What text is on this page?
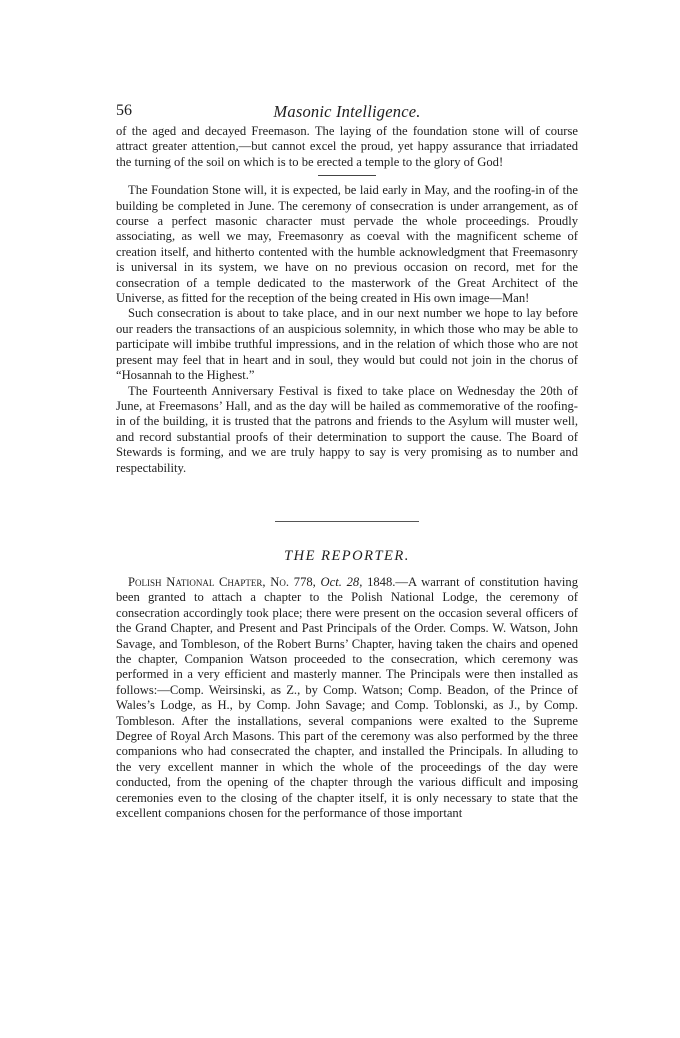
56	Masonic Intelligence.

of the aged and decayed Freemason. The laying of the foundation stone will of course attract greater attention,—but cannot excel the proud, yet happy assurance that irriadated the turning of the soil on which is to be erected a temple to the glory of God!

The Foundation Stone will, it is expected, be laid early in May, and the roofing-in of the building be completed in June. The ceremony of consecration is under arrangement, as of course a perfect masonic character must pervade the whole proceedings. Proudly associating, as well we may, Freemasonry as coeval with the magnificent scheme of creation itself, and hitherto contented with the humble acknowledgment that Freemasonry is universal in its system, we have on no previous occasion on record, met for the consecration of a temple dedicated to the masterwork of the Great Architect of the Universe, as fitted for the reception of the being created in His own image—Man!

Such consecration is about to take place, and in our next number we hope to lay before our readers the transactions of an auspicious solemnity, in which those who may be able to participate will imbibe truthful impressions, and in the relation of which those who are not present may feel that in heart and in soul, they would but could not join in the chorus of “Hosannah to the Highest.”

The Fourteenth Anniversary Festival is fixed to take place on Wednesday the 20th of June, at Freemasons’ Hall, and as the day will be hailed as commemorative of the roofing-in of the building, it is trusted that the patrons and friends to the Asylum will muster well, and record substantial proofs of their determination to support the cause. The Board of Stewards is forming, and we are truly happy to say is very promising as to number and respectability.

THE REPORTER.

Polish National Chapter, No. 778, Oct. 28, 1848.—A warrant of constitution having been granted to attach a chapter to the Polish National Lodge, the ceremony of consecration accordingly took place; there were present on the occasion several officers of the Grand Chapter, and Present and Past Principals of the Order. Comps. W. Watson, John Savage, and Tombleson, of the Robert Burns’ Chapter, having taken the chairs and opened the chapter, Companion Watson proceeded to the consecration, which ceremony was performed in a very efficient and masterly manner. The Principals were then installed as follows:—Comp. Weirsinski, as Z., by Comp. Watson; Comp. Beadon, of the Prince of Wales’s Lodge, as H., by Comp. John Savage; and Comp. Toblonski, as J., by Comp. Tombleson. After the installations, several companions were exalted to the Supreme Degree of Royal Arch Masons. This part of the ceremony was also performed by the three companions who had consecrated the chapter, and installed the Principals. In alluding to the very excellent manner in which the whole of the proceedings of the day were conducted, from the opening of the chapter through the various difficult and imposing ceremonies even to the closing of the chapter itself, it is only necessary to state that the excellent companions chosen for the performance of those important
